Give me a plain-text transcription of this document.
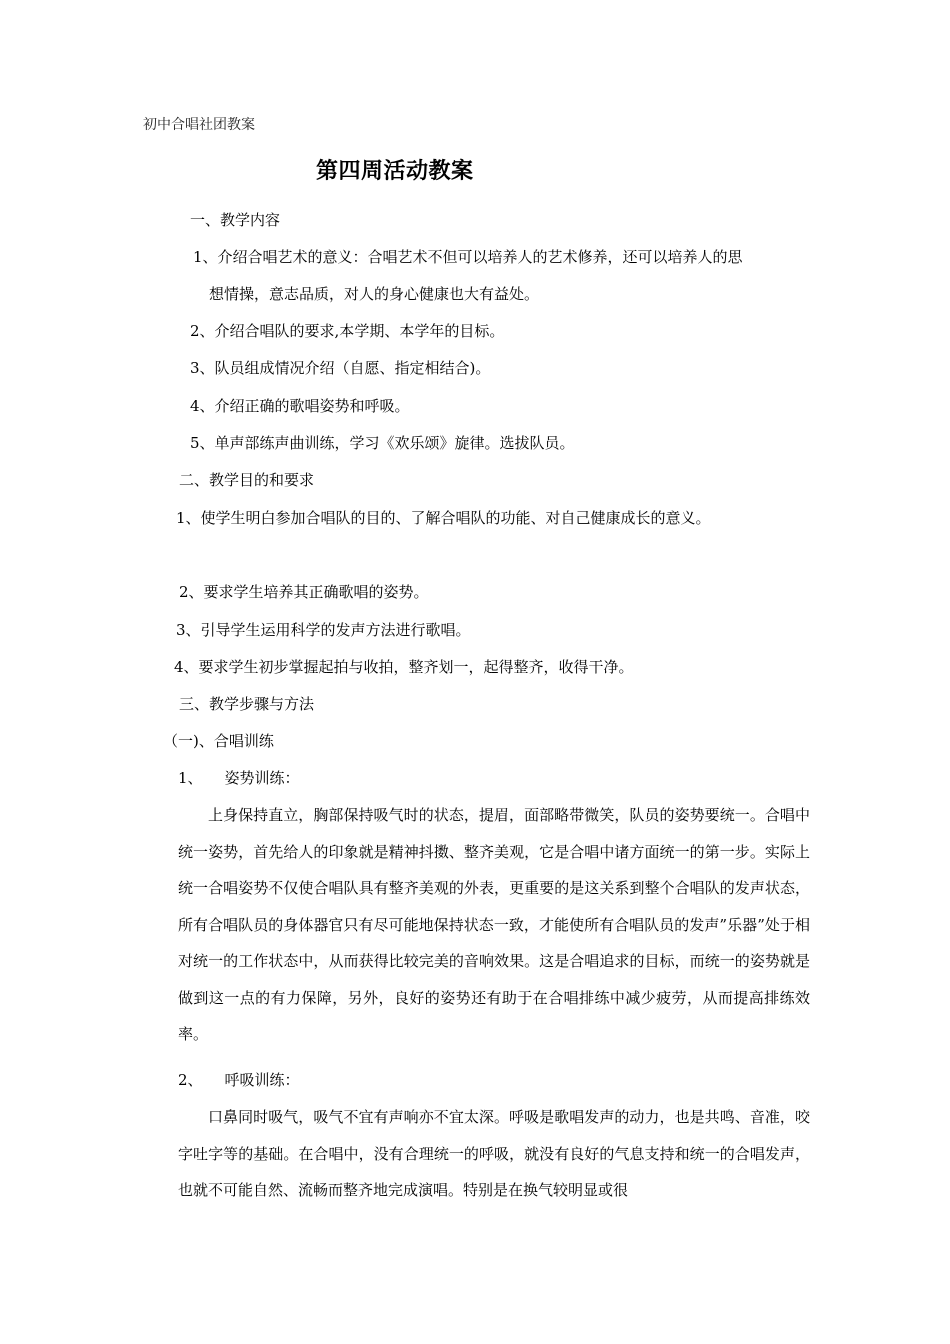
初中合唱社团教案
第四周活动教案
一、教学内容
1、介绍合唱艺术的意义：合唱艺术不但可以培养人的艺术修养，还可以培养人的思
想情操，意志品质，对人的身心健康也大有益处。
2、介绍合唱队的要求,本学期、本学年的目标。
3、队员组成情况介绍（自愿、指定相结合)。
4、介绍正确的歌唱姿势和呼吸。
5、单声部练声曲训练，学习《欢乐颂》旋律。选拔队员。
二、教学目的和要求
1、使学生明白参加合唱队的目的、了解合唱队的功能、对自己健康成长的意义。
2、要求学生培养其正确歌唱的姿势。
3、引导学生运用科学的发声方法进行歌唱。
4、要求学生初步掌握起拍与收拍，整齐划一，起得整齐，收得干净。
三、教学步骤与方法
（一)、合唱训练
1、 姿势训练：
上身保持直立，胸部保持吸气时的状态，提眉，面部略带微笑，队员的姿势要统一。合唱中统一姿势，首先给人的印象就是精神抖擞、整齐美观，它是合唱中诸方面统一的第一步。实际上统一合唱姿势不仅使合唱队具有整齐美观的外表，更重要的是这关系到整个合唱队的发声状态，所有合唱队员的身体器官只有尽可能地保持状态一致，才能使所有合唱队员的发声”乐器”处于相对统一的工作状态中，从而获得比较完美的音响效果。这是合唱追求的目标，而统一的姿势就是做到这一点的有力保障，另外，良好的姿势还有助于在合唱排练中减少疲劳，从而提高排练效率。
2、 呼吸训练：
口鼻同时吸气，吸气不宜有声响亦不宜太深。呼吸是歌唱发声的动力，也是共鸣、音准，咬字吐字等的基础。在合唱中，没有合理统一的呼吸，就没有良好的气息支持和统一的合唱发声，也就不可能自然、流畅而整齐地完成演唱。特别是在换气较明显或很
